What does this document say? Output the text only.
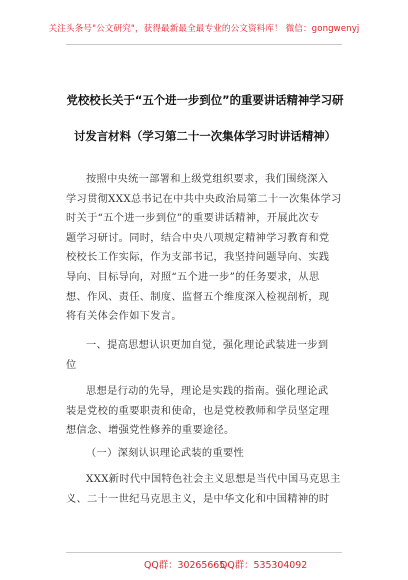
关注头条号"公文研究"，获得最新最全最专业的公文资料库！ 微信：gongwenyj
党校校长关于“五个进一步到位”的重要讲话精神学习研
讨发言材料（学习第二十一次集体学习时讲话精神）
按照中央统一部署和上级党组织要求，我们围绕深入
学习贯彻XXX总书记在中共中央政治局第二十一次集体学习
时关于“五个进一步到位”的重要讲话精神，开展此次专
题学习研讨。同时，结合中央八项规定精神学习教育和党
校校长工作实际，作为支部书记，我坚持问题导向、实践
导向、目标导向，对照“五个进一步”的任务要求，从思
想、作风、责任、制度、监督五个维度深入检视剖析，现
将有关体会作如下发言。
一、提高思想认识更加自觉，强化理论武装进一步到
位
思想是行动的先导，理论是实践的指南。强化理论武
装是党校的重要职责和使命，也是党校教师和学员坚定理
想信念、增强党性修养的重要途径。
（一）深刻认识理论武装的重要性
XXX新时代中国特色社会主义思想是当代中国马克思主
义、二十一世纪马克思主义，是中华文化和中国精神的时
QQ群：30265665
QQ群：535304092
